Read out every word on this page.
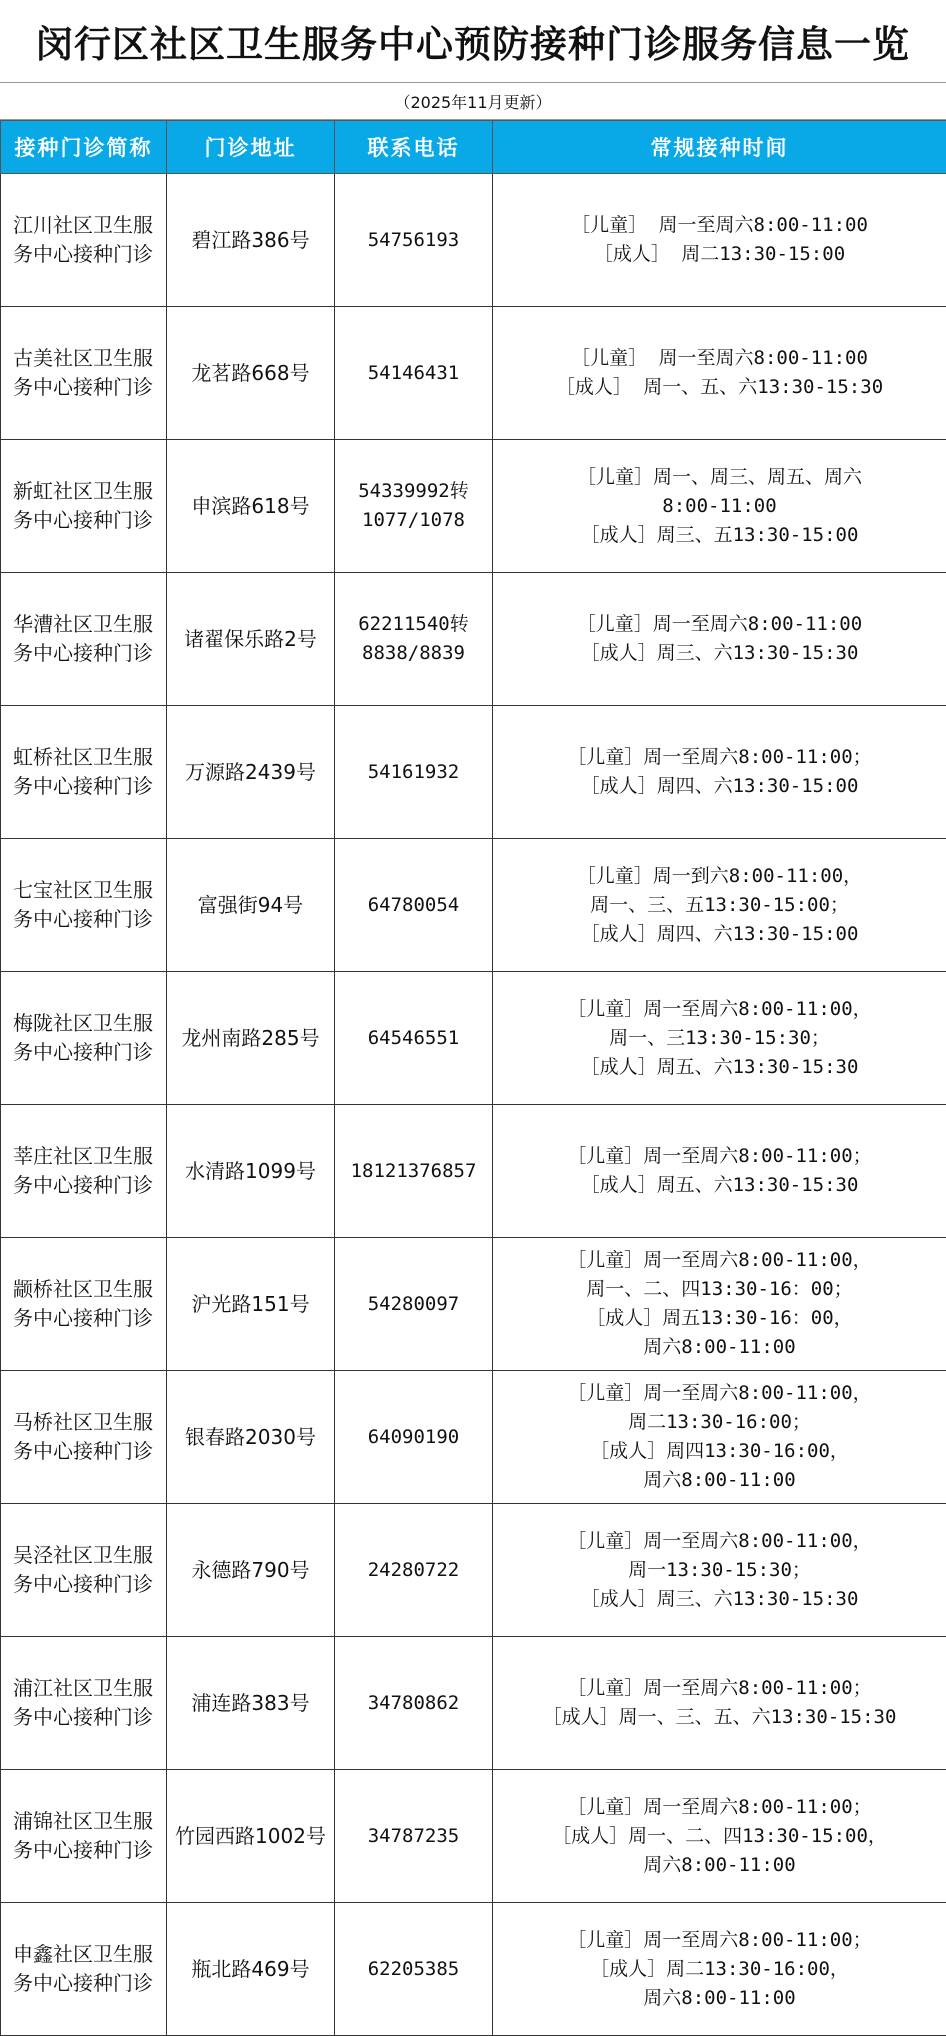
闵行区社区卫生服务中心预防接种门诊服务信息一览
（2025年11月更新）
接种门诊简称	门诊地址	联系电话	常规接种时间

江川社区卫生服务中心接种门诊	碧江路386号	54756193	［儿童］ 周一至周六8:00-11:00
［成人］ 周二13:30-15:00

古美社区卫生服务中心接种门诊	龙茗路668号	54146431	［儿童］ 周一至周六8:00-11:00
［成人］ 周一、五、六13:30-15:30

新虹社区卫生服务中心接种门诊	申滨路618号	54339992转
1077/1078	［儿童］周一、周三、周五、周六
8:00-11:00
［成人］周三、五13:30-15:00

华漕社区卫生服务中心接种门诊	诸翟保乐路2号	62211540转
8838/8839	［儿童］周一至周六8:00-11:00
［成人］周三、六13:30-15:30

虹桥社区卫生服务中心接种门诊	万源路2439号	54161932	［儿童］周一至周六8:00-11:00；
［成人］周四、六13:30-15:00

七宝社区卫生服务中心接种门诊	富强街94号	64780054	［儿童］周一到六8:00-11:00，
周一、三、五13:30-15:00；
［成人］周四、六13:30-15:00

梅陇社区卫生服务中心接种门诊	龙州南路285号	64546551	［儿童］周一至周六8:00-11:00，
周一、三13:30-15:30；
［成人］周五、六13:30-15:30

莘庄社区卫生服务中心接种门诊	水清路1099号	18121376857	［儿童］周一至周六8:00-11:00；
［成人］周五、六13:30-15:30

颛桥社区卫生服务中心接种门诊	沪光路151号	54280097	［儿童］周一至周六8:00-11:00，
周一、二、四13:30-16：00；
［成人］周五13:30-16：00，
周六8:00-11:00

马桥社区卫生服务中心接种门诊	银春路2030号	64090190	［儿童］周一至周六8:00-11:00，
周二13:30-16:00；
［成人］周四13:30-16:00，
周六8:00-11:00

吴泾社区卫生服务中心接种门诊	永德路790号	24280722	［儿童］周一至周六8:00-11:00，
周一13:30-15:30；
［成人］周三、六13:30-15:30

浦江社区卫生服务中心接种门诊	浦连路383号	34780862	［儿童］周一至周六8:00-11:00；
［成人］周一、三、五、六13:30-15:30

浦锦社区卫生服务中心接种门诊	竹园西路1002号	34787235	［儿童］周一至周六8:00-11:00；
［成人］周一、二、四13:30-15:00，
周六8:00-11:00

申鑫社区卫生服务中心接种门诊	瓶北路469号	62205385	［儿童］周一至周六8:00-11:00；
［成人］周二13:30-16:00，
周六8:00-11:00
